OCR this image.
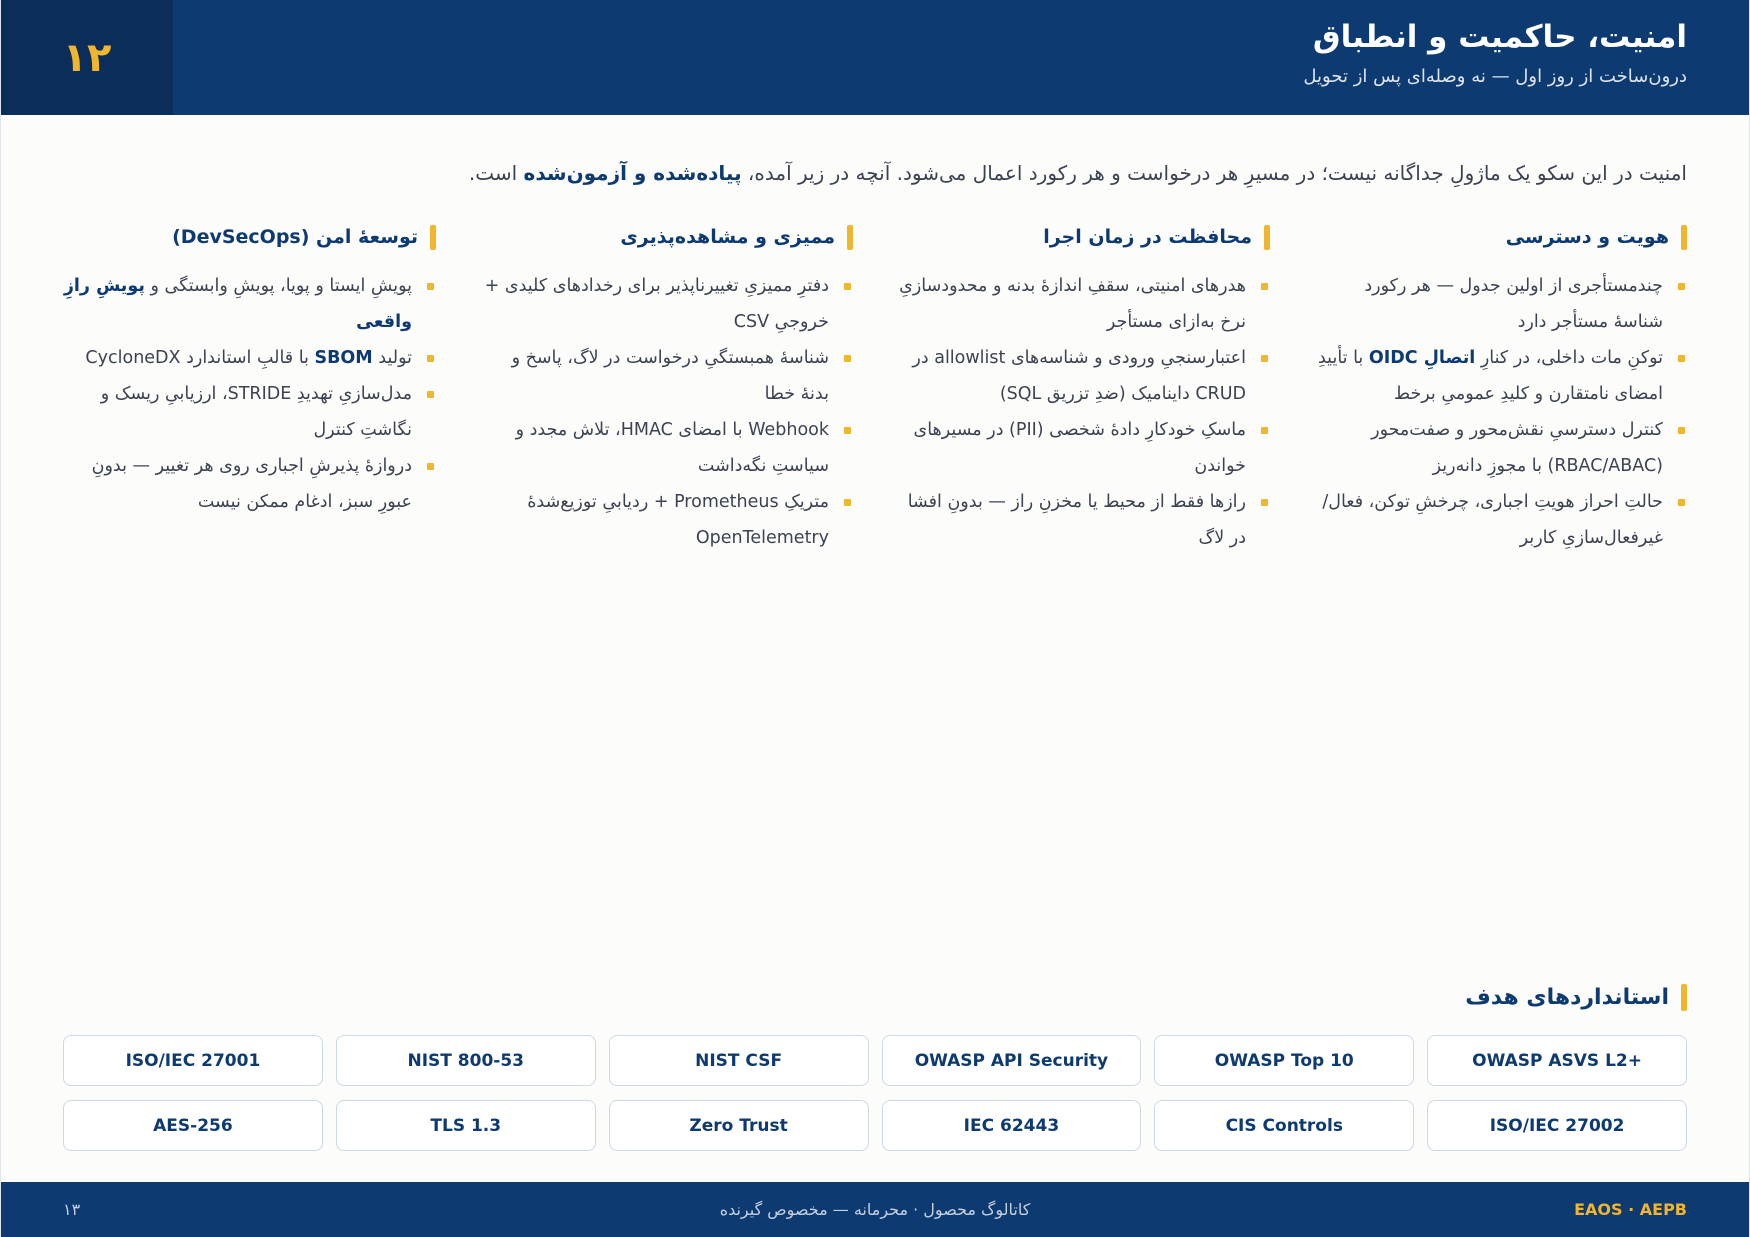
۱۲	امنیت، حاکمیت و انطباق
درون‌ساخت از روز اول — نه وصله‌ای پس از تحویل

امنیت در این سکو یک ماژولِ جداگانه نیست؛ در مسیرِ هر درخواست و هر رکورد اعمال می‌شود. آنچه در زیر آمده، پیاده‌شده و آزمون‌شده است.

هویت و دسترسی
چندمستأجری از اولین جدول — هر رکورد شناسهٔ مستأجر دارد
توکنِ مات داخلی، در کنارِ اتصالِ OIDC با تأییدِ امضای نامتقارن و کلیدِ عمومیِ برخط
کنترل دسترسیِ نقش‌محور و صفت‌محور (RBAC/ABAC) با مجوزِ دانه‌ریز
حالتِ احراز هویتِ اجباری، چرخشِ توکن، فعال/غیرفعال‌سازیِ کاربر
محافظت در زمان اجرا
هدرهای امنیتی، سقفِ اندازهٔ بدنه و محدودسازیِ نرخ به‌ازای مستأجر
اعتبارسنجیِ ورودی و شناسه‌های allowlist در CRUD داینامیک (ضدِ تزریق SQL)
ماسکِ خودکارِ دادهٔ شخصی (PII) در مسیرهای خواندن
رازها فقط از محیط یا مخزنِ راز — بدونِ افشا در لاگ
ممیزی و مشاهده‌پذیری
دفترِ ممیزیِ تغییرناپذیر برای رخدادهای کلیدی + خروجیِ CSV
شناسهٔ همبستگیِ درخواست در لاگ، پاسخ و بدنهٔ خطا
Webhook با امضای HMAC، تلاش مجدد و سیاستِ نگه‌داشت
متریکِ Prometheus + ردیابیِ توزیع‌شدهٔ OpenTelemetry
توسعهٔ امن (DevSecOps)
پویشِ ایستا و پویا، پویشِ وابستگی و پویشِ رازِ واقعی
تولید SBOM با قالبِ استاندارد CycloneDX
مدل‌سازیِ تهدیدِ STRIDE، ارزیابیِ ریسک و نگاشتِ کنترل
دروازهٔ پذیرشِ اجباری روی هر تغییر — بدونِ عبورِ سبز، ادغام ممکن نیست
استانداردهای هدف
OWASP ASVS L2+
OWASP Top 10
OWASP API Security
NIST CSF
NIST 800-53
ISO/IEC 27001
ISO/IEC 27002
CIS Controls
IEC 62443
Zero Trust
TLS 1.3
AES-256
EAOS · AEPB
کاتالوگ محصول · محرمانه — مخصوص گیرنده
۱۳
